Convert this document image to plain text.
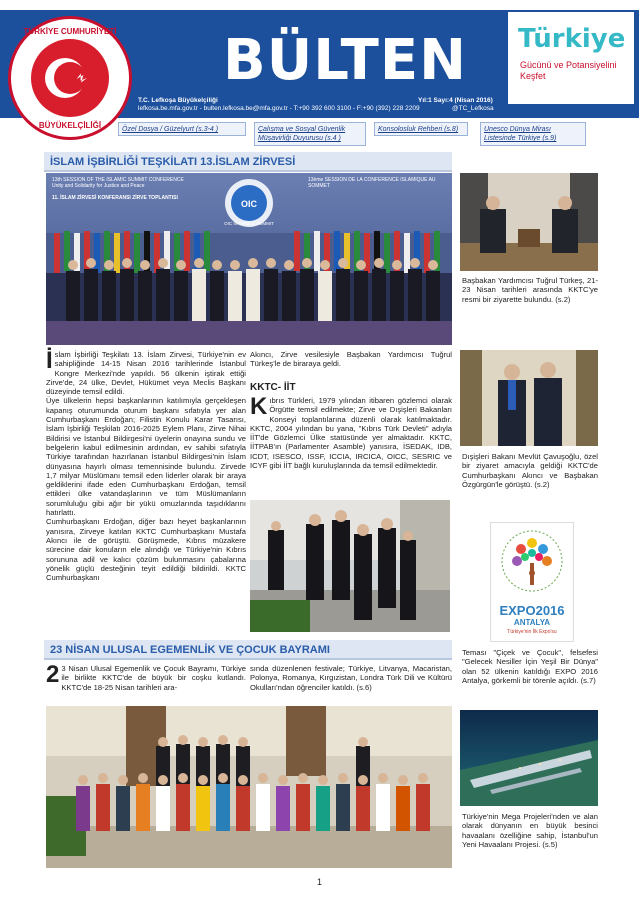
BÜLTEN
TÜRKİYE CUMHURİYETİ
BÜYÜKELÇİLİĞİ
Türkiye
Gücünü ve Potansiyelini Keşfet
T.C. Lefkoşa Büyükelçiliği
lefkosa.be.mfa.gov.tr - bulten.lefkosa.be@mfa.gov.tr - T:+90 392 600 3100 - F:+90 (392) 228 2209
Yıl:1 Sayı:4 (Nisan 2016)
@TC_Lefkosa
Özel Dosya / Güzelyurt (s.3-4 )	Çalışma ve Sosyal Güvenlik Müşavirliği Duyurusu (s.4 )
Konsolosluk Rehberi (s.8)	Unesco Dünya Mirası Listesinde Türkiye (s.9)
İSLAM İŞBİRLİĞİ TEŞKİLATI 13.İSLAM ZİRVESİ
OIC
13th SESSION OF THE ISLAMIC SUMMIT CONFERENCE
Unity and Solidarity for Justice and Peace
11. İSLAM ZİRVESİ KONFERANSI ZİRVE TOPLANTISI
13ème SESSION DE LA CONFERENCE ISLAMIQUE AU SOMMET
OIC ISTANBUL SUMMIT
İslam İşbirliği Teşkilatı 13. İslam Zirvesi, Türkiye'nin ev sahipliğinde 14-15 Nisan 2016 tarihlerinde İstanbul Kongre Merkezi'nde yapıldı. 56 ülkenin iştirak ettiği Zirve'de, 24 ülke, Devlet, Hükümet veya Meclis Başkanı düzeyinde temsil edildi.
Üye ülkelerin hepsi başkanlarının katılımıyla gerçekleşen kapanış oturumunda oturum başkanı sıfatıyla yer alan Cumhurbaşkanı Erdoğan; Filistin Konulu Karar Tasarısı, İslam İşbirliği Teşkilatı 2016-2025 Eylem Planı, Zirve Nihai Bildirisi ve İstanbul Bildirgesi'ni üyelerin onayına sundu ve belgelerin kabul edilmesinin ardından, ev sahibi sıfatıyla Türkiye tarafından hazırlanan İstanbul Bildirgesi'nin İslam dünyasına hayırlı olması temennisinde bulundu. Zirvede 1,7 milyar Müslümanı temsil eden liderler olarak bir araya geldiklerini ifade eden Cumhurbaşkanı Erdoğan, temsil ettikleri ülke vatandaşlarının ve tüm Müslümanların sorumluluğu gibi ağır bir yükü omuzlarında taşıdıklarını hatırlattı.
Cumhurbaşkanı Erdoğan, diğer bazı heyet başkanlarının yanısıra, Zirveye katılan KKTC Cumhurbaşkanı Mustafa Akıncı ile de görüştü. Görüşmede, Kıbrıs müzakere sürecine dair konuların ele alındığı ve Türkiye'nin Kıbrıs sorununa adil ve kalıcı çözüm bulunmasını çabalarına yönelik güçlü desteğinin teyit edildiği bildirildi. KKTC Cumhurbaşkanı
Akıncı, Zirve vesilesiyle Başbakan Yardımcısı Tuğrul Türkeş'le de biraraya geldi.
KKTC- İİT
Kıbrıs Türkleri, 1979 yılından itibaren gözlemci olarak Örgütte temsil edilmekte; Zirve ve Dışişleri Bakanları Konseyi toplantılarına düzenli olarak katılmaktadır. KKTC, 2004 yılından bu yana, "Kıbrıs Türk Devleti" adıyla İİT'de Gözlemci Ülke statüsünde yer almaktadır. KKTC, İİTPAB'ın (Parlamenter Asamble) yanısıra, İSEDAK, IDB, ICDT, ISESCO, ISSF, ICCIA, IRCICA, OICC, SESRIC ve ICYF gibi İİT bağlı kuruluşlarında da temsil edilmektedir.
23 NİSAN ULUSAL EGEMENLİK VE ÇOCUK BAYRAMI
2 3 Nisan Ulusal Egemenlik ve Çocuk Bayramı, Türkiye ile birlikte KKTC'de de büyük bir coşku kutlandı. KKTC'de 18-25 Nisan tarihleri ara-
sında düzenlenen festivale; Türkiye, Litvanya, Macaristan, Polonya, Romanya, Kırgızistan, Londra Türk Dili ve Kültürü Okulları'ndan öğrenciler katıldı. (s.6)
Başbakan Yardımcısı Tuğrul Türkeş, 21-23 Nisan tarihleri arasında KKTC'ye resmi bir ziyarette bulundu. (s.2)
Dışişleri Bakanı Mevlüt Çavuşoğlu, özel bir ziyaret amacıyla geldiği KKTC'de Cumhurbaşkanı Akıncı ve Başbakan Özgürgün'le görüştü. (s.2)
EXPO2016
ANTALYA
Türkiye'nin İlk Expo'su
Teması "Çiçek ve Çocuk", felsefesi "Gelecek Nesiller İçin Yeşil Bir Dünya" olan 52 ülkenin katıldığı EXPO 2016 Antalya, görkemli bir törenle açıldı. (s.7)
Türkiye'nin Mega Projeleri'nden ve alan olarak dünyanın en büyük besinci havaalanı özelliğine sahip, İstanbul'un Yeni Havaalanı Projesi. (s.5)
1
